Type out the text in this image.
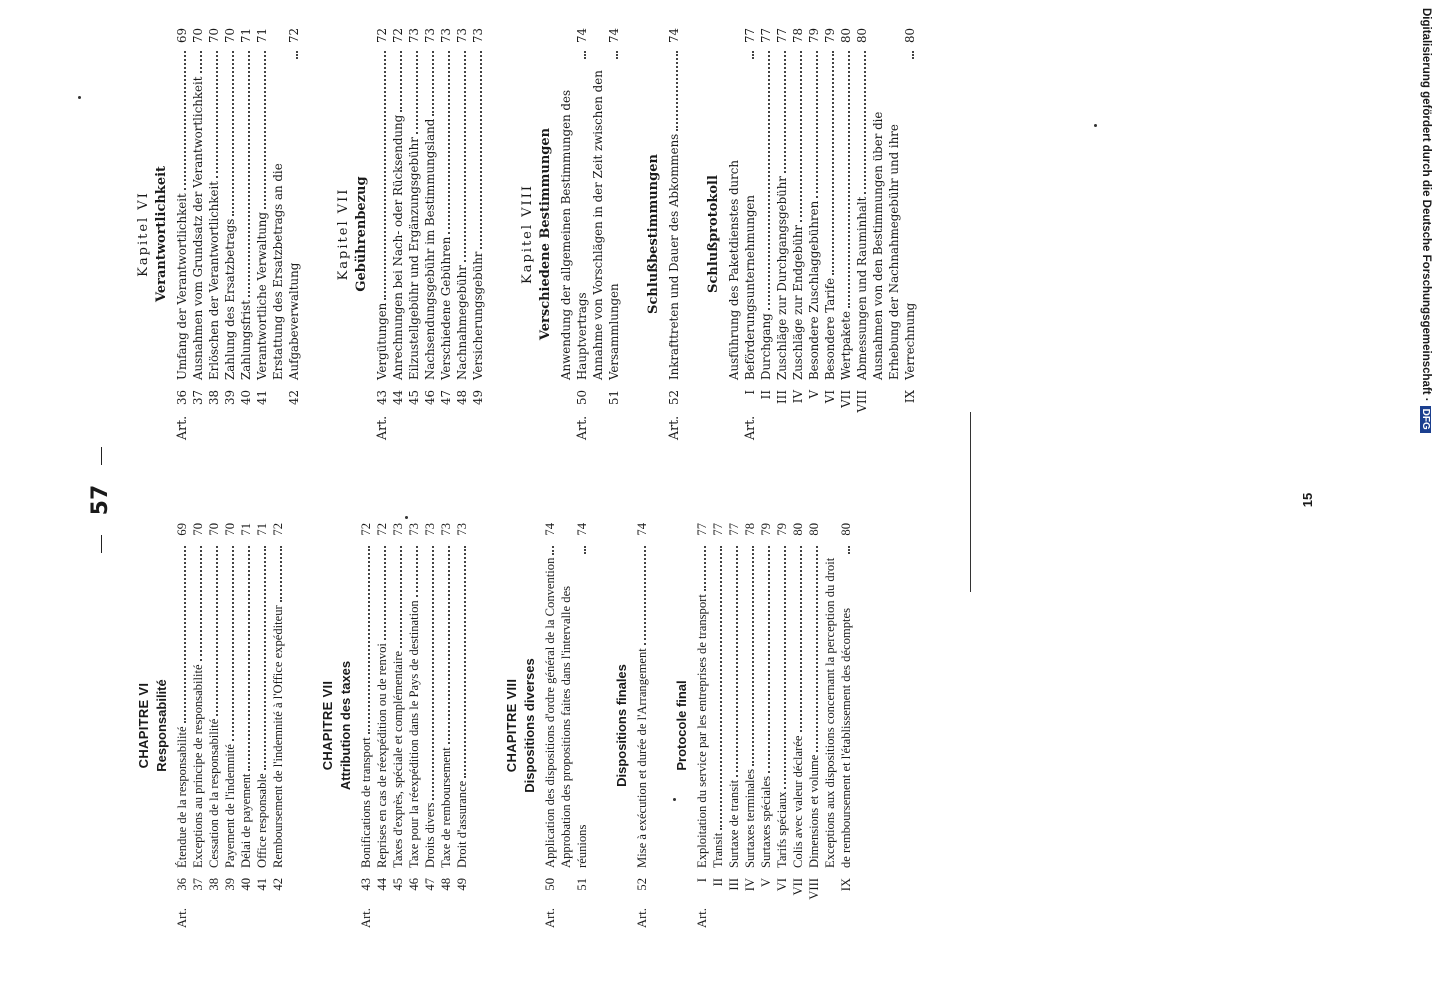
57
CHAPITRE VI Responsabilité
Art.
36
Étendue de la responsabilité
69
37
Exceptions au principe de responsabilité
70
38
Cessation de la responsabilité
70
39
Payement de l'indemnité
70
40
Délai de payement
71
41
Office responsable
71
42
Remboursement de l'indemnité à l'Office expéditeur
72
CHAPITRE VII Attribution des taxes
Art.
43
Bonifications de transport
72
44
Reprises en cas de réexpédition ou de renvoi
72
45
Taxes d'exprès, spéciale et complémentaire
73
46
Taxe pour la réexpédition dans le Pays de destination
73
47
Droits divers
73
48
Taxe de remboursement
73
49
Droit d'assurance
73
CHAPITRE VIII Dispositions diverses
Art.
50
Application des dispositions d'ordre général de la Convention
74
51
Approbation des propositions faites dans l'intervalle des réunions
74
Dispositions finales
Art.
52
Mise à exécution et durée de l'Arrangement
74
Protocole final
Art.
I
Exploitation du service par les entreprises de transport
77
II
Transit
77
III
Surtaxe de transit
77
IV
Surtaxes terminales
78
V
Surtaxes spéciales
79
VI
Tarifs spéciaux
79
VII
Colis avec valeur déclarée
80
VIII
Dimensions et volume
80
IX
Exceptions aux dispositions concernant la perception du droit de remboursement et l'établissement des décomptes
80
Kapitel VI Verantwortlichkeit
Art.
36
Umfang der Verantwortlichkeit
69
37
Ausnahmen vom Grundsatz der Verantwortlichkeit
70
38
Erlöschen der Verantwortlichkeit
70
39
Zahlung des Ersatzbetrags
70
40
Zahlungsfrist
71
41
Verantwortliche Verwaltung
71
42
Erstattung des Ersatzbetrags an die Aufgabeverwaltung
72
Kapitel VII Gebührenbezug
Art.
43
Vergütungen
72
44
Anrechnungen bei Nach- oder Rücksendung
72
45
Eilzustellgebühr und Ergänzungsgebühr
73
46
Nachsendungsgebühr im Bestimmungsland
73
47
Verschiedene Gebühren
73
48
Nachnahmegebühr
73
49
Versicherungsgebühr
73
Kapitel VIII Verschiedene Bestimmungen
Art.
50
Anwendung der allgemeinen Bestimmungen des Hauptvertrags
74
51
Annahme von Vorschlägen in der Zeit zwischen den Versammlungen
74
Schlußbestimmungen
Art.
52
Inkrafttreten und Dauer des Abkommens
74
Schlußprotokoll
Art.
I
Ausführung des Paketdienstes durch Beförderungsunternehmungen
77
II
Durchgang
77
III
Zuschläge zur Durchgangsgebühr
77
IV
Zuschläge zur Endgebühr
78
V
Besondere Zuschlaggebühren
79
VI
Besondere Tarife
79
VII
Wertpakete
80
VIII
Abmessungen und Rauminhalt
80
IX
Ausnahmen von den Bestimmungen über die Erhebung der Nachnahmegebühr und ihre Verrechnung
80
15
Digitalisierung gefördert durch die Deutsche Forschungsgemeinschaft ·DFG
